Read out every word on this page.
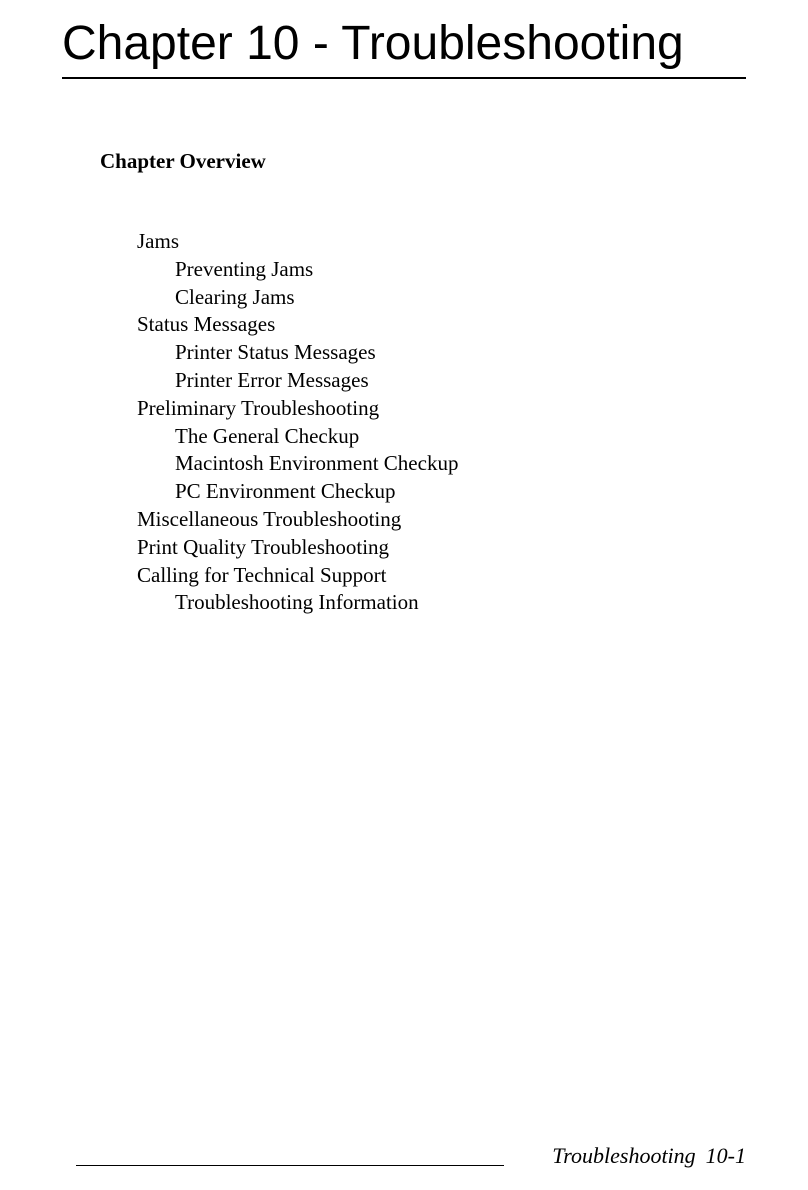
Chapter 10 - Troubleshooting
Chapter Overview
Jams
Preventing Jams
Clearing Jams
Status Messages
Printer Status Messages
Printer Error Messages
Preliminary Troubleshooting
The General Checkup
Macintosh Environment Checkup
PC Environment Checkup
Miscellaneous Troubleshooting
Print Quality Troubleshooting
Calling for Technical Support
Troubleshooting Information
Troubleshooting 10-1
